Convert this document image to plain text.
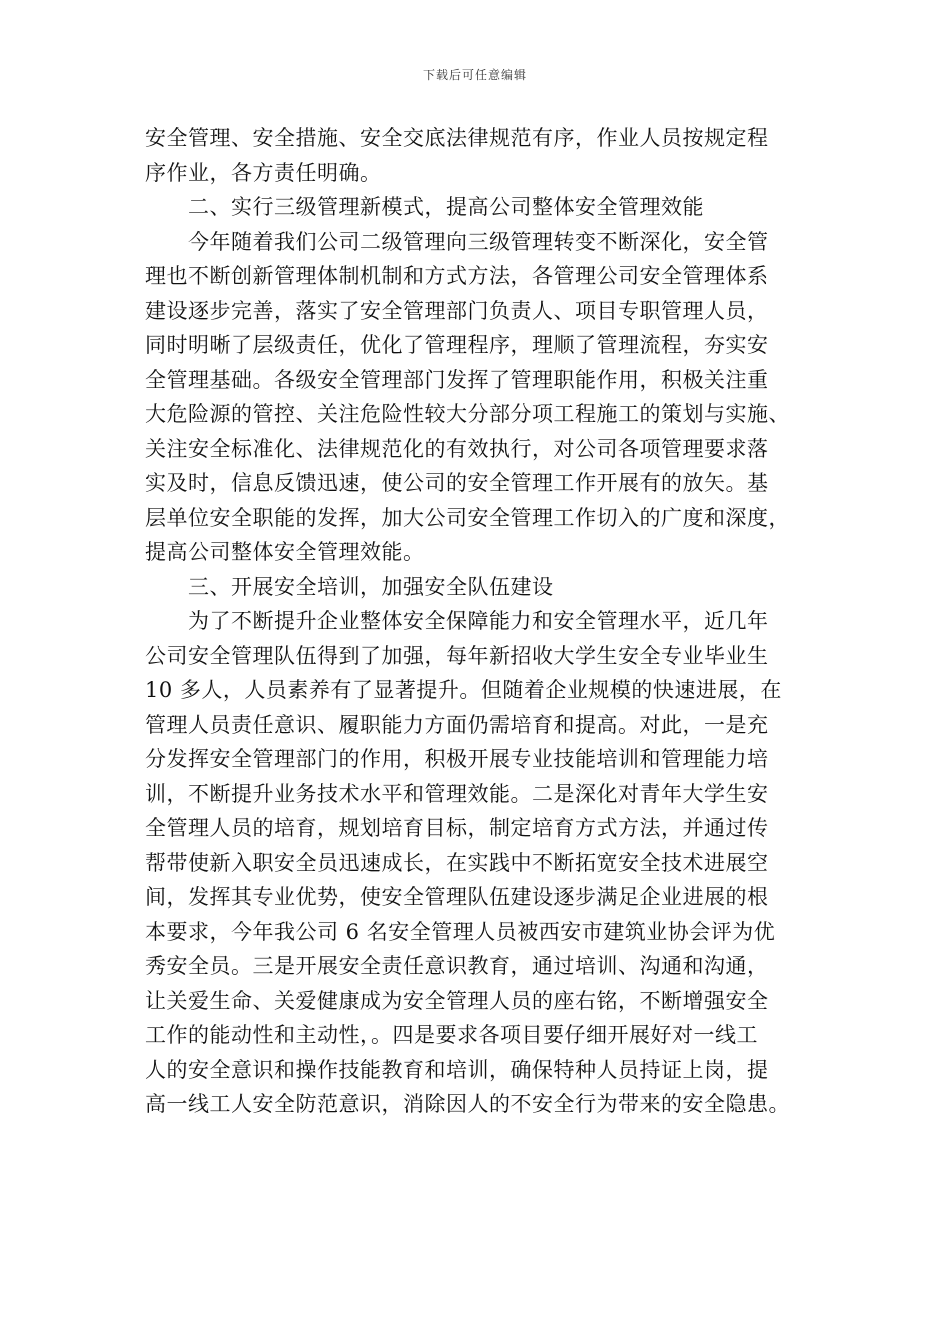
下载后可任意编辑
安全管理、安全措施、安全交底法律规范有序，作业人员按规定程
序作业，各方责任明确。
二、实行三级管理新模式，提高公司整体安全管理效能
今年随着我们公司二级管理向三级管理转变不断深化，安全管
理也不断创新管理体制机制和方式方法，各管理公司安全管理体系
建设逐步完善，落实了安全管理部门负责人、项目专职管理人员，
同时明晰了层级责任，优化了管理程序，理顺了管理流程，夯实安
全管理基础。各级安全管理部门发挥了管理职能作用，积极关注重
大危险源的管控、关注危险性较大分部分项工程施工的策划与实施、
关注安全标准化、法律规范化的有效执行，对公司各项管理要求落
实及时，信息反馈迅速，使公司的安全管理工作开展有的放矢。基
层单位安全职能的发挥，加大公司安全管理工作切入的广度和深度，
提高公司整体安全管理效能。
三、开展安全培训，加强安全队伍建设
为了不断提升企业整体安全保障能力和安全管理水平，近几年
公司安全管理队伍得到了加强，每年新招收大学生安全专业毕业生
10 多人，人员素养有了显著提升。但随着企业规模的快速进展，在
管理人员责任意识、履职能力方面仍需培育和提高。对此，一是充
分发挥安全管理部门的作用，积极开展专业技能培训和管理能力培
训，不断提升业务技术水平和管理效能。二是深化对青年大学生安
全管理人员的培育，规划培育目标，制定培育方式方法，并通过传
帮带使新入职安全员迅速成长，在实践中不断拓宽安全技术进展空
间，发挥其专业优势，使安全管理队伍建设逐步满足企业进展的根
本要求，今年我公司 6 名安全管理人员被西安市建筑业协会评为优
秀安全员。三是开展安全责任意识教育，通过培训、沟通和沟通，
让关爱生命、关爱健康成为安全管理人员的座右铭，不断增强安全
工作的能动性和主动性，。四是要求各项目要仔细开展好对一线工
人的安全意识和操作技能教育和培训，确保特种人员持证上岗，提
高一线工人安全防范意识，消除因人的不安全行为带来的安全隐患。
